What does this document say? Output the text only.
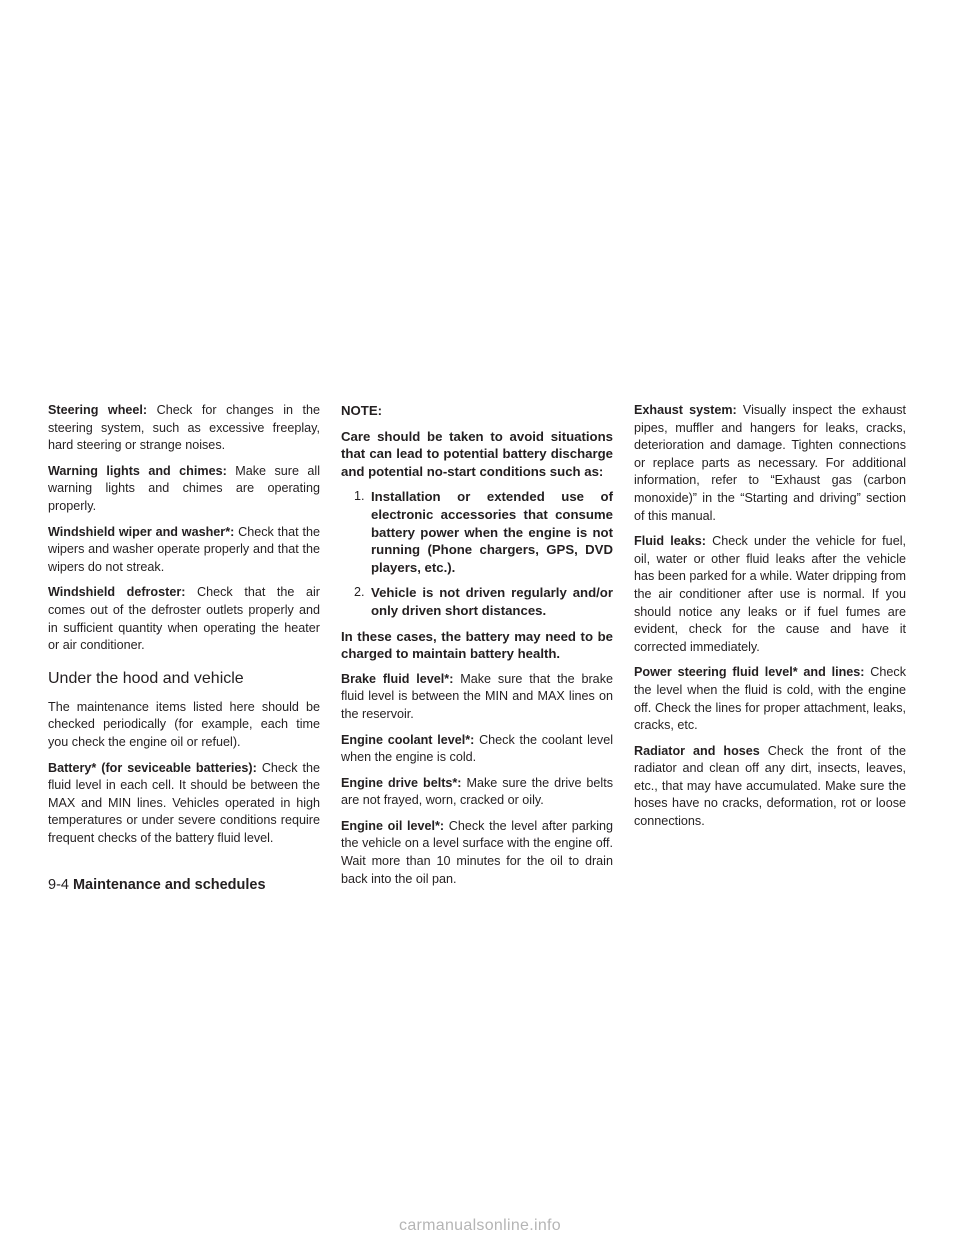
Steering wheel: Check for changes in the steering system, such as excessive freeplay, hard steering or strange noises.

Warning lights and chimes: Make sure all warning lights and chimes are operating properly.

Windshield wiper and washer*: Check that the wipers and washer operate properly and that the wipers do not streak.

Windshield defroster: Check that the air comes out of the defroster outlets properly and in sufficient quantity when operating the heater or air conditioner.

Under the hood and vehicle

The maintenance items listed here should be checked periodically (for example, each time you check the engine oil or refuel).

Battery* (for seviceable batteries): Check the fluid level in each cell. It should be between the MAX and MIN lines. Vehicles operated in high temperatures or under severe conditions require frequent checks of the battery fluid level.

NOTE:

Care should be taken to avoid situations that can lead to potential battery discharge and potential no-start conditions such as:

1. Installation or extended use of electronic accessories that consume battery power when the engine is not running (Phone chargers, GPS, DVD players, etc.).
2. Vehicle is not driven regularly and/or only driven short distances.

In these cases, the battery may need to be charged to maintain battery health.

Brake fluid level*: Make sure that the brake fluid level is between the MIN and MAX lines on the reservoir.

Engine coolant level*: Check the coolant level when the engine is cold.

Engine drive belts*: Make sure the drive belts are not frayed, worn, cracked or oily.

Engine oil level*: Check the level after parking the vehicle on a level surface with the engine off. Wait more than 10 minutes for the oil to drain back into the oil pan.

Exhaust system: Visually inspect the exhaust pipes, muffler and hangers for leaks, cracks, deterioration and damage. Tighten connections or replace parts as necessary. For additional information, refer to “Exhaust gas (carbon monoxide)” in the “Starting and driving” section of this manual.

Fluid leaks: Check under the vehicle for fuel, oil, water or other fluid leaks after the vehicle has been parked for a while. Water dripping from the air conditioner after use is normal. If you should notice any leaks or if fuel fumes are evident, check for the cause and have it corrected immediately.

Power steering fluid level* and lines: Check the level when the fluid is cold, with the engine off. Check the lines for proper attachment, leaks, cracks, etc.

Radiator and hoses Check the front of the radiator and clean off any dirt, insects, leaves, etc., that may have accumulated. Make sure the hoses have no cracks, deformation, rot or loose connections.

9-4 Maintenance and schedules
carmanualsonline.info
